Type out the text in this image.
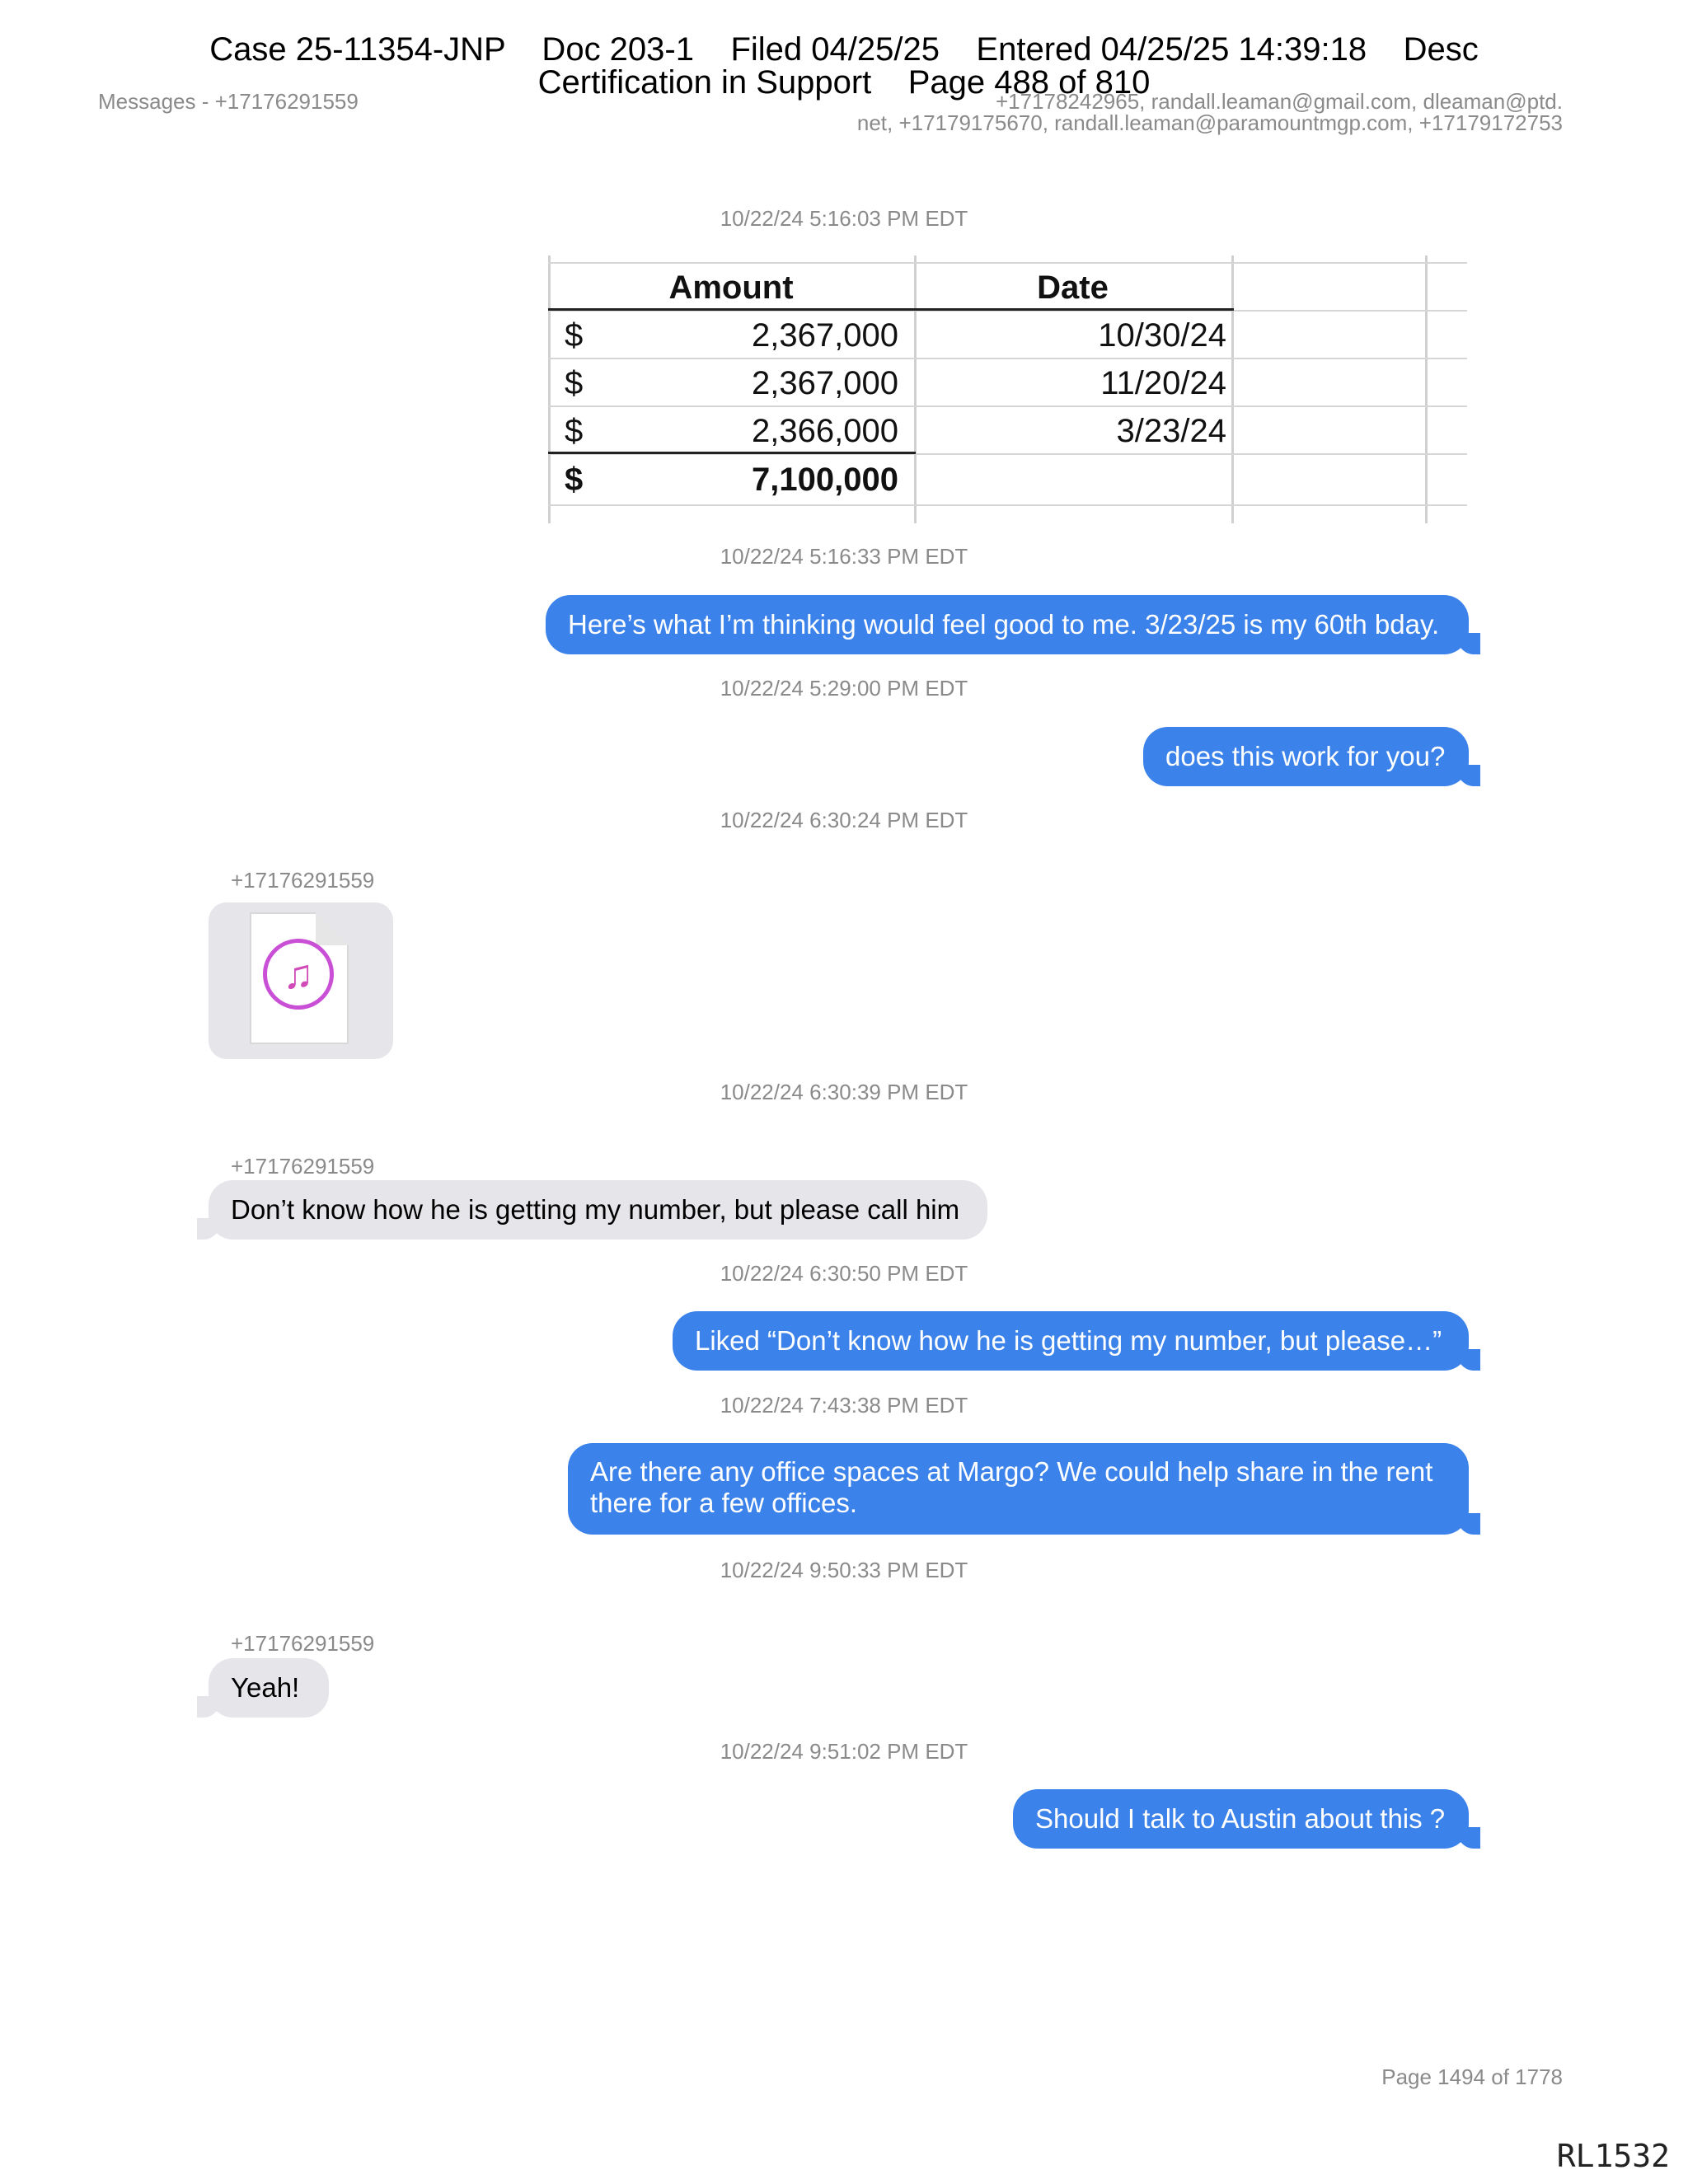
Case 25-11354-JNP    Doc 203-1    Filed 04/25/25    Entered 04/25/25 14:39:18    Desc
Certification in Support    Page 488 of 810
Messages - +17176291559	+17178242965, randall.leaman@gmail.com, dleaman@ptd.
net, +17179175670, randall.leaman@paramountmgp.com, +17179172753
10/22/24 5:16:03 PM EDT
Amount	Date
$	2,367,000	10/30/24
$	2,367,000	11/20/24
$	2,366,000	3/23/24
$	7,100,000
10/22/24 5:16:33 PM EDT
Here’s what I’m thinking would feel good to me. 3/23/25 is my 60th bday.
10/22/24 5:29:00 PM EDT
does this work for you?
10/22/24 6:30:24 PM EDT
+17176291559
♫
10/22/24 6:30:39 PM EDT
+17176291559
Don’t know how he is getting my number, but please call him
10/22/24 6:30:50 PM EDT
Liked “Don’t know how he is getting my number, but please…”
10/22/24 7:43:38 PM EDT
Are there any office spaces at Margo? We could help share in the rent
there for a few offices.
10/22/24 9:50:33 PM EDT
+17176291559
Yeah!
10/22/24 9:51:02 PM EDT
Should I talk to Austin about this ?
Page 1494 of 1778
RL1532
